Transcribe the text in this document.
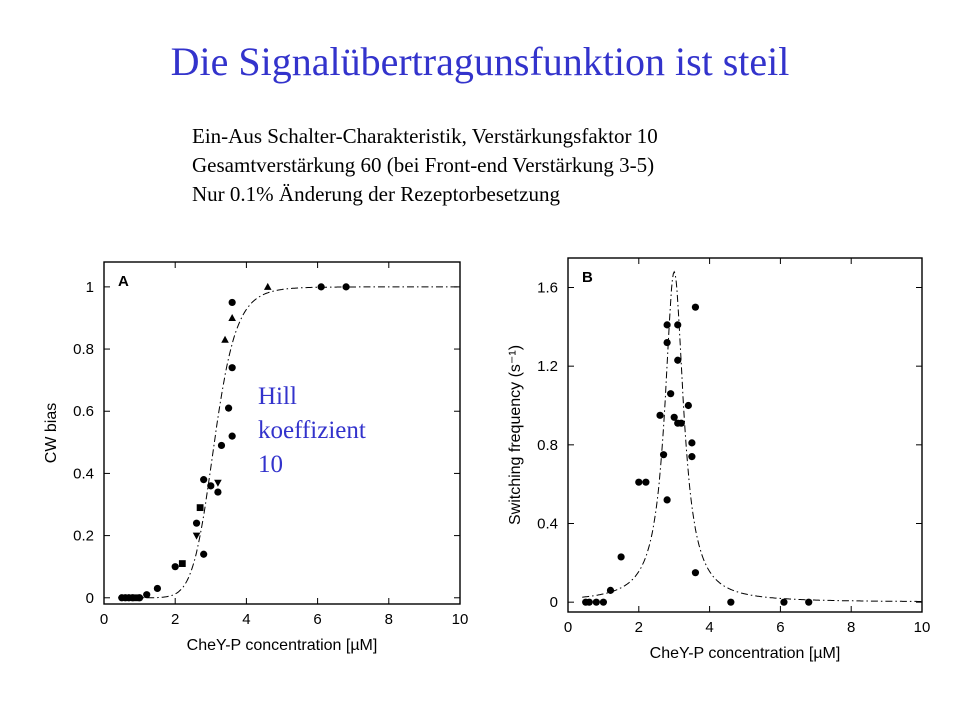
Die Signalübertragunsfunktion ist steil
Ein-Aus Schalter-Charakteristik, Verstärkungsfaktor 10
Gesamtverstärkung 60 (bei Front-end Verstärkung 3-5)
Nur 0.1% Änderung der Rezeptorbesetzung
A
0	2	4	6	8	10
0
0.2
0.4
0.6
0.8
1
CheY-P concentration [µM]
CW bias
B
0	2	4	6	8	10
0
0.4
0.8
1.2
1.6
CheY-P concentration [µM]
Switching frequency (s⁻¹)
Hill
koeffizient
10
